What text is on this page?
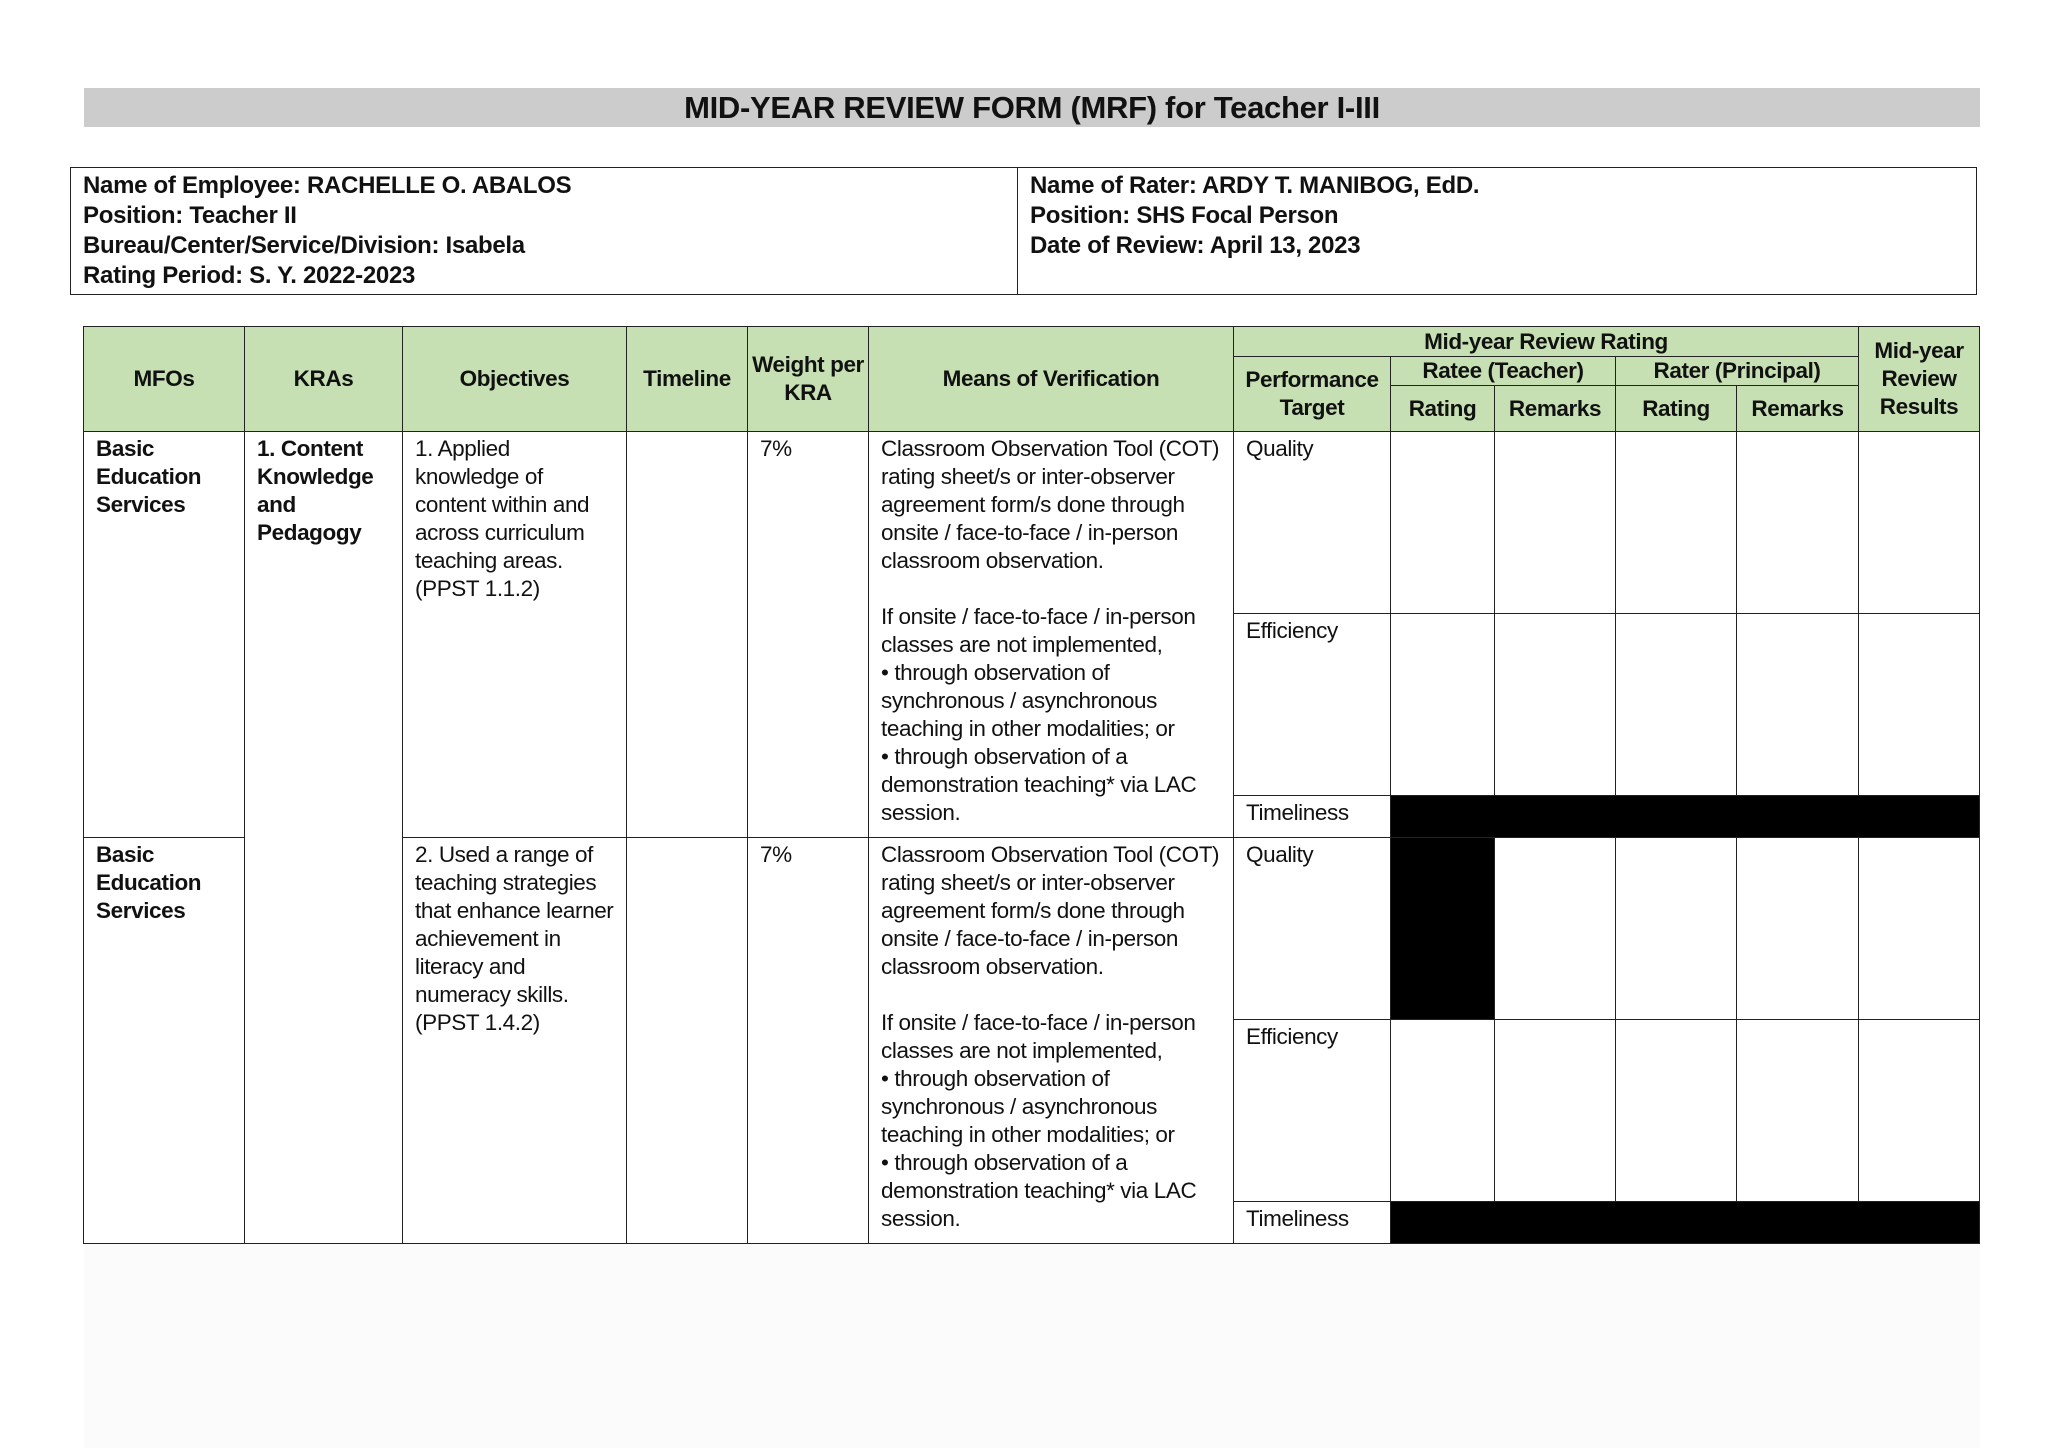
MID-YEAR REVIEW FORM (MRF) for Teacher I-III
Name of Employee: RACHELLE O. ABALOS
Position: Teacher II
Bureau/Center/Service/Division: Isabela
Rating Period: S. Y. 2022-2023

Name of Rater: ARDY T. MANIBOG, EdD.
Position: SHS Focal Person
Date of Review: April 13, 2023
MFOs	KRAs	Objectives	Timeline	Weight per KRA	Means of Verification	Mid-year Review Rating					Mid-year Review Results
						Performance Target	Ratee (Teacher)		Rater (Principal)		
							Rating	Remarks	Rating	Remarks	
Basic Education Services	1. Content Knowledge and Pedagogy	1. Applied knowledge of content within and across curriculum teaching areas. (PPST 1.1.2)		7%	Classroom Observation Tool (COT) rating sheet/s or inter-observer agreement form/s done through onsite / face-to-face / in-person classroom observation.
If onsite / face-to-face / in-person classes are not implemented,
• through observation of synchronous / asynchronous teaching in other modalities; or
• through observation of a demonstration teaching* via LAC session.	Quality					
						Efficiency					
						Timeliness					
Basic Education Services		2. Used a range of teaching strategies that enhance learner achievement in literacy and numeracy skills. (PPST 1.4.2)		7%	Classroom Observation Tool (COT) rating sheet/s or inter-observer agreement form/s done through onsite / face-to-face / in-person classroom observation.
If onsite / face-to-face / in-person classes are not implemented,
• through observation of synchronous / asynchronous teaching in other modalities; or
• through observation of a demonstration teaching* via LAC session.	Quality					
						Efficiency					
						Timeliness					
